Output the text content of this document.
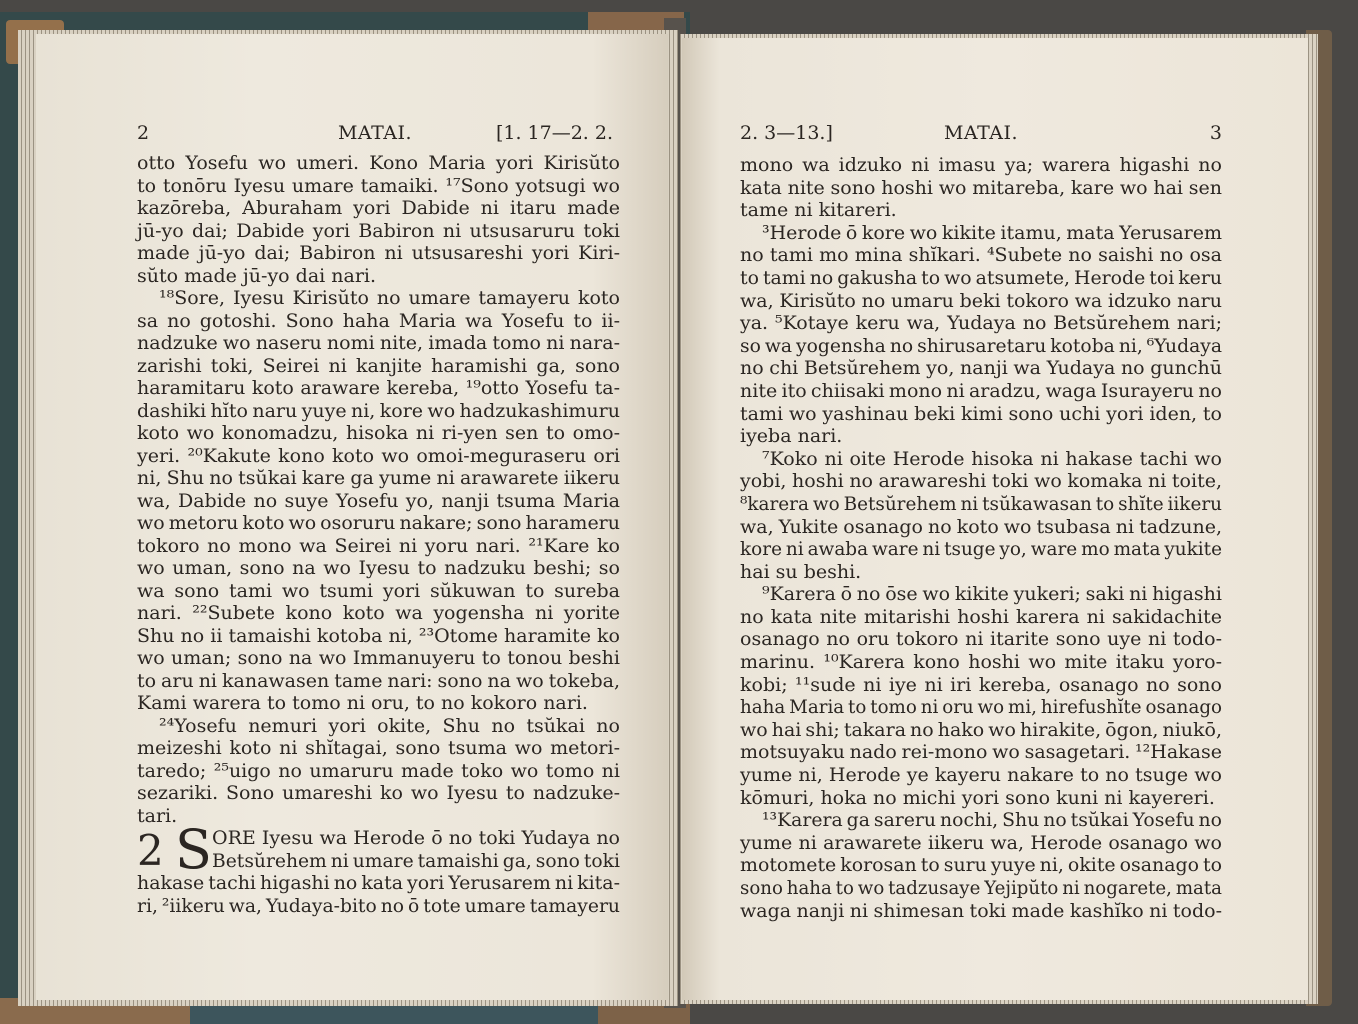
2	MATAI.	[1. 17—2. 2.	2. 3—13.]	MATAI.	3
otto Yosefu wo umeri. Kono Maria yori Kirisŭto
to tonōru Iyesu umare tamaiki. ¹⁷Sono yotsugi wo
kazōreba, Aburaham yori Dabide ni itaru made
jū-yo dai; Dabide yori Babiron ni utsusaruru toki
made jū-yo dai; Babiron ni utsusareshi yori Kiri-
sŭto made jū-yo dai nari.
¹⁸Sore, Iyesu Kirisŭto no umare tamayeru koto
sa no gotoshi. Sono haha Maria wa Yosefu to ii-
nadzuke wo naseru nomi nite, imada tomo ni nara-
zarishi toki, Seirei ni kanjite haramishi ga, sono
haramitaru koto araware kereba, ¹⁹otto Yosefu ta-
dashiki hĭto naru yuye ni, kore wo hadzukashimuru
koto wo konomadzu, hisoka ni ri-yen sen to omo-
yeri. ²⁰Kakute kono koto wo omoi-meguraseru ori
ni, Shu no tsŭkai kare ga yume ni arawarete iikeru
wa, Dabide no suye Yosefu yo, nanji tsuma Maria
wo metoru koto wo osoruru nakare; sono harameru
tokoro no mono wa Seirei ni yoru nari. ²¹Kare ko
wo uman, sono na wo Iyesu to nadzuku beshi; so
wa sono tami wo tsumi yori sŭkuwan to sureba
nari. ²²Subete kono koto wa yogensha ni yorite
Shu no ii tamaishi kotoba ni, ²³Otome haramite ko
wo uman; sono na wo Immanuyeru to tonou beshi
to aru ni kanawasen tame nari: sono na wo tokeba,
Kami warera to tomo ni oru, to no kokoro nari.
²⁴Yosefu nemuri yori okite, Shu no tsŭkai no
meizeshi koto ni shĭtagai, sono tsuma wo metori-
taredo; ²⁵uigo no umaruru made toko wo tomo ni
sezariki. Sono umareshi ko wo Iyesu to nadzuke-
tari.
2 S ORE Iyesu wa Herode ō no toki Yudaya no
Betsŭrehem ni umare tamaishi ga, sono toki
hakase tachi higashi no kata yori Yerusarem ni kita-
ri, ²iikeru wa, Yudaya-bito no ō tote umare tamayeru
mono wa idzuko ni imasu ya; warera higashi no
kata nite sono hoshi wo mitareba, kare wo hai sen
tame ni kitareri.
³Herode ō kore wo kikite itamu, mata Yerusarem
no tami mo mina shĭkari. ⁴Subete no saishi no osa
to tami no gakusha to wo atsumete, Herode toi keru
wa, Kirisŭto no umaru beki tokoro wa idzuko naru
ya. ⁵Kotaye keru wa, Yudaya no Betsŭrehem nari;
so wa yogensha no shirusaretaru kotoba ni, ⁶Yudaya
no chi Betsŭrehem yo, nanji wa Yudaya no gunchū
nite ito chiisaki mono ni aradzu, waga Isurayeru no
tami wo yashinau beki kimi sono uchi yori iden, to
iyeba nari.
⁷Koko ni oite Herode hisoka ni hakase tachi wo
yobi, hoshi no arawareshi toki wo komaka ni toite,
⁸karera wo Betsŭrehem ni tsŭkawasan to shĭte iikeru
wa, Yukite osanago no koto wo tsubasa ni tadzune,
kore ni awaba ware ni tsuge yo, ware mo mata yukite
hai su beshi.
⁹Karera ō no ōse wo kikite yukeri; saki ni higashi
no kata nite mitarishi hoshi karera ni sakidachite
osanago no oru tokoro ni itarite sono uye ni todo-
marinu. ¹⁰Karera kono hoshi wo mite itaku yoro-
kobi; ¹¹sude ni iye ni iri kereba, osanago no sono
haha Maria to tomo ni oru wo mi, hirefushĭte osanago
wo hai shi; takara no hako wo hirakite, ōgon, niukō,
motsuyaku nado rei-mono wo sasagetari. ¹²Hakase
yume ni, Herode ye kayeru nakare to no tsuge wo
kōmuri, hoka no michi yori sono kuni ni kayereri.
¹³Karera ga sareru nochi, Shu no tsŭkai Yosefu no
yume ni arawarete iikeru wa, Herode osanago wo
motomete korosan to suru yuye ni, okite osanago to
sono haha to wo tadzusaye Yejipŭto ni nogarete, mata
waga nanji ni shimesan toki made kashĭko ni todo-
